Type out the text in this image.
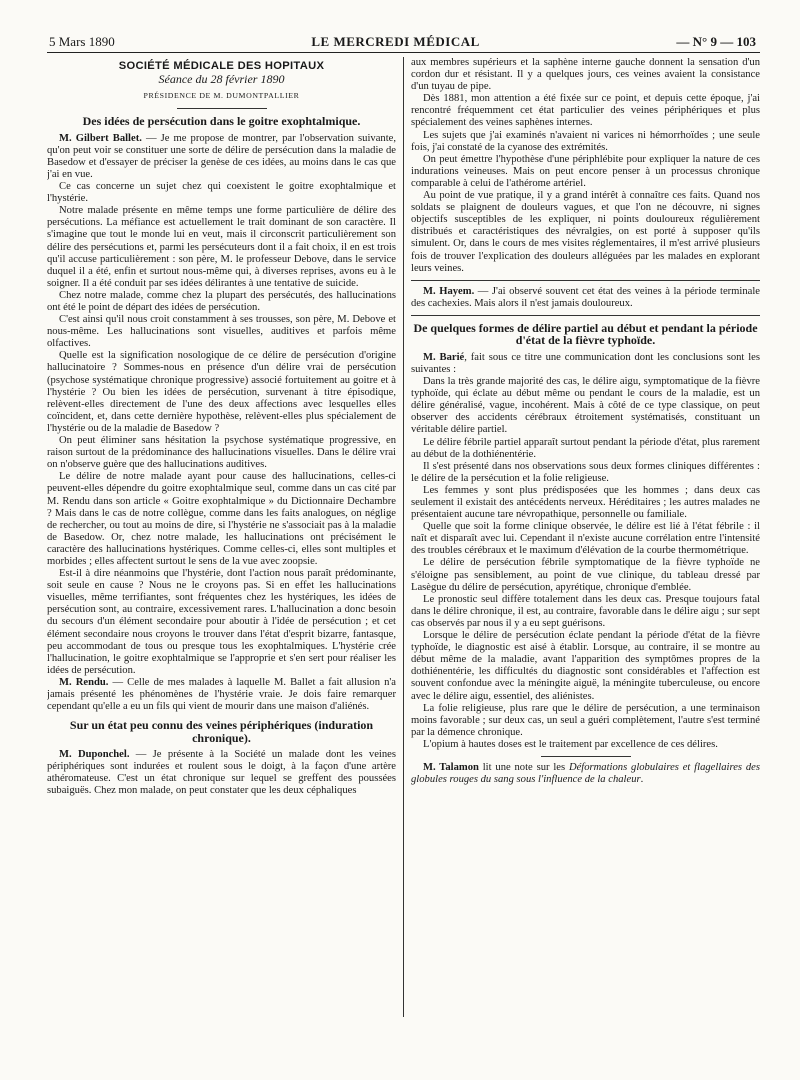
5 Mars 1890	LE MERCREDI MÉDICAL	— N° 9 — 103
SOCIÉTÉ MÉDICALE DES HOPITAUX
Séance du 28 février 1890
PRÉSIDENCE DE M. DUMONTPALLIER
Des idées de persécution dans le goitre exophtalmique.

M. Gilbert Ballet. — Je me propose de montrer, par l'observation suivante, qu'on peut voir se constituer une sorte de délire de persécution dans la maladie de Basedow et d'essayer de préciser la genèse de ces idées, au moins dans le cas que j'ai en vue.

Ce cas concerne un sujet chez qui coexistent le goitre exophtalmique et l'hystérie.

Notre malade présente en même temps une forme particulière de délire des persécutions. La méfiance est actuellement le trait dominant de son caractère. Il s'imagine que tout le monde lui en veut, mais il circonscrit particulièrement son délire des persécutions et, parmi les persécuteurs dont il a fait choix, il en est trois qu'il accuse particulièrement : son père, M. le professeur Debove, dans le service duquel il a été, enfin et surtout nous-même qui, à diverses reprises, avons eu à le soigner. Il a été conduit par ses idées délirantes à une tentative de suicide.

Chez notre malade, comme chez la plupart des persécutés, des hallucinations ont été le point de départ des idées de persécution.

C'est ainsi qu'il nous croit constamment à ses trousses, son père, M. Debove et nous-même. Les hallucinations sont visuelles, auditives et parfois même olfactives.

Quelle est la signification nosologique de ce délire de persécution d'origine hallucinatoire ? Sommes-nous en présence d'un délire vrai de persécution (psychose systématique chronique progressive) associé fortuitement au goitre et à l'hystérie ? Ou bien les idées de persécution, survenant à titre épisodique, relèvent-elles directement de l'une des deux affections avec lesquelles elles coïncident, et, dans cette dernière hypothèse, relèvent-elles plus spécialement de l'hystérie ou de la maladie de Basedow ?

On peut éliminer sans hésitation la psychose systématique progressive, en raison surtout de la prédominance des hallucinations visuelles. Dans le délire vrai on n'observe guère que des hallucinations auditives.

Le délire de notre malade ayant pour cause des hallucinations, celles-ci peuvent-elles dépendre du goitre exophtalmique seul, comme dans un cas cité par M. Rendu dans son article « Goitre exophtalmique » du Dictionnaire Dechambre ? Mais dans le cas de notre collègue, comme dans les faits analogues, on néglige de rechercher, ou tout au moins de dire, si l'hystérie ne s'associait pas à la maladie de Basedow. Or, chez notre malade, les hallucinations ont précisément le caractère des hallucinations hystériques. Comme celles-ci, elles sont multiples et morbides ; elles affectent surtout le sens de la vue avec zoopsie.

Est-il à dire néanmoins que l'hystérie, dont l'action nous paraît prédominante, soit seule en cause ? Nous ne le croyons pas. Si en effet les hallucinations visuelles, même terrifiantes, sont fréquentes chez les hystériques, les idées de persécution sont, au contraire, excessivement rares. L'hallucination a donc besoin du secours d'un élément secondaire pour aboutir à l'idée de persécution ; et cet élément secondaire nous croyons le trouver dans l'état d'esprit bizarre, fantasque, peu accommodant de tous ou presque tous les exophtalmiques. L'hystérie crée l'hallucination, le goitre exophtalmique se l'approprie et s'en sert pour réaliser les idées de persécution.

M. Rendu. — Celle de mes malades à laquelle M. Ballet a fait allusion n'a jamais présenté les phénomènes de l'hystérie vraie. Je dois faire remarquer cependant qu'elle a eu un fils qui vient de mourir dans une maison d'aliénés.

Sur un état peu connu des veines périphériques (induration chronique).

M. Duponchel. — Je présente à la Société un malade dont les veines périphériques sont indurées et roulent sous le doigt, à la façon d'une artère athéromateuse. C'est un état chronique sur lequel se greffent des poussées subaiguës. Chez mon malade, on peut constater que les deux céphaliques

aux membres supérieurs et la saphène interne gauche donnent la sensation d'un cordon dur et résistant. Il y a quelques jours, ces veines avaient la consistance d'un tuyau de pipe.

Dès 1881, mon attention a été fixée sur ce point, et depuis cette époque, j'ai rencontré fréquemment cet état particulier des veines périphériques et plus spécialement des veines saphènes internes.

Les sujets que j'ai examinés n'avaient ni varices ni hémorrhoïdes ; une seule fois, j'ai constaté de la cyanose des extrémités.

On peut émettre l'hypothèse d'une périphlébite pour expliquer la nature de ces indurations veineuses. Mais on peut encore penser à un processus chronique comparable à celui de l'athérome artériel.

Au point de vue pratique, il y a grand intérêt à connaître ces faits. Quand nos soldats se plaignent de douleurs vagues, et que l'on ne découvre, ni signes objectifs susceptibles de les expliquer, ni points douloureux régulièrement distribués et caractéristiques des névralgies, on est porté à supposer qu'ils simulent. Or, dans le cours de mes visites réglementaires, il m'est arrivé plusieurs fois de trouver l'explication des douleurs alléguées par les malades en explorant leurs veines.

M. Hayem. — J'ai observé souvent cet état des veines à la période terminale des cachexies. Mais alors il n'est jamais douloureux.

De quelques formes de délire partiel au début et pendant la période d'état de la fièvre typhoïde.

M. Barié, fait sous ce titre une communication dont les conclusions sont les suivantes :

Dans la très grande majorité des cas, le délire aigu, symptomatique de la fièvre typhoïde, qui éclate au début même ou pendant le cours de la maladie, est un délire généralisé, vague, incohérent. Mais à côté de ce type classique, on peut observer des accidents cérébraux étroitement systématisés, constituant un véritable délire partiel.

Le délire fébrile partiel apparaît surtout pendant la période d'état, plus rarement au début de la dothiénentérie.

Il s'est présenté dans nos observations sous deux formes cliniques différentes : le délire de la persécution et la folie religieuse.

Les femmes y sont plus prédisposées que les hommes ; dans deux cas seulement il existait des antécédents nerveux. Héréditaires ; les autres malades ne présentaient aucune tare névropathique, personnelle ou familiale.

Quelle que soit la forme clinique observée, le délire est lié à l'état fébrile : il naît et disparaît avec lui. Cependant il n'existe aucune corrélation entre l'intensité des troubles cérébraux et le maximum d'élévation de la courbe thermométrique.

Le délire de persécution fébrile symptomatique de la fièvre typhoïde ne s'éloigne pas sensiblement, au point de vue clinique, du tableau dressé par Lasègue du délire de persécution, apyrétique, chronique d'emblée.

Le pronostic seul diffère totalement dans les deux cas. Presque toujours fatal dans le délire chronique, il est, au contraire, favorable dans le délire aigu ; sur sept cas observés par nous il y a eu sept guérisons.

Lorsque le délire de persécution éclate pendant la période d'état de la fièvre typhoïde, le diagnostic est aisé à établir. Lorsque, au contraire, il se montre au début même de la maladie, avant l'apparition des symptômes propres de la dothiénentérie, les difficultés du diagnostic sont considérables et l'affection est souvent confondue avec la méningite aiguë, la méningite tuberculeuse, ou encore avec le délire aigu, essentiel, des aliénistes.

La folie religieuse, plus rare que le délire de persécution, a une terminaison moins favorable ; sur deux cas, un seul a guéri complètement, l'autre s'est terminé par la démence chronique.

L'opium à hautes doses est le traitement par excellence de ces délires.

M. Talamon lit une note sur les Déformations globulaires et flagellaires des globules rouges du sang sous l'influence de la chaleur.
